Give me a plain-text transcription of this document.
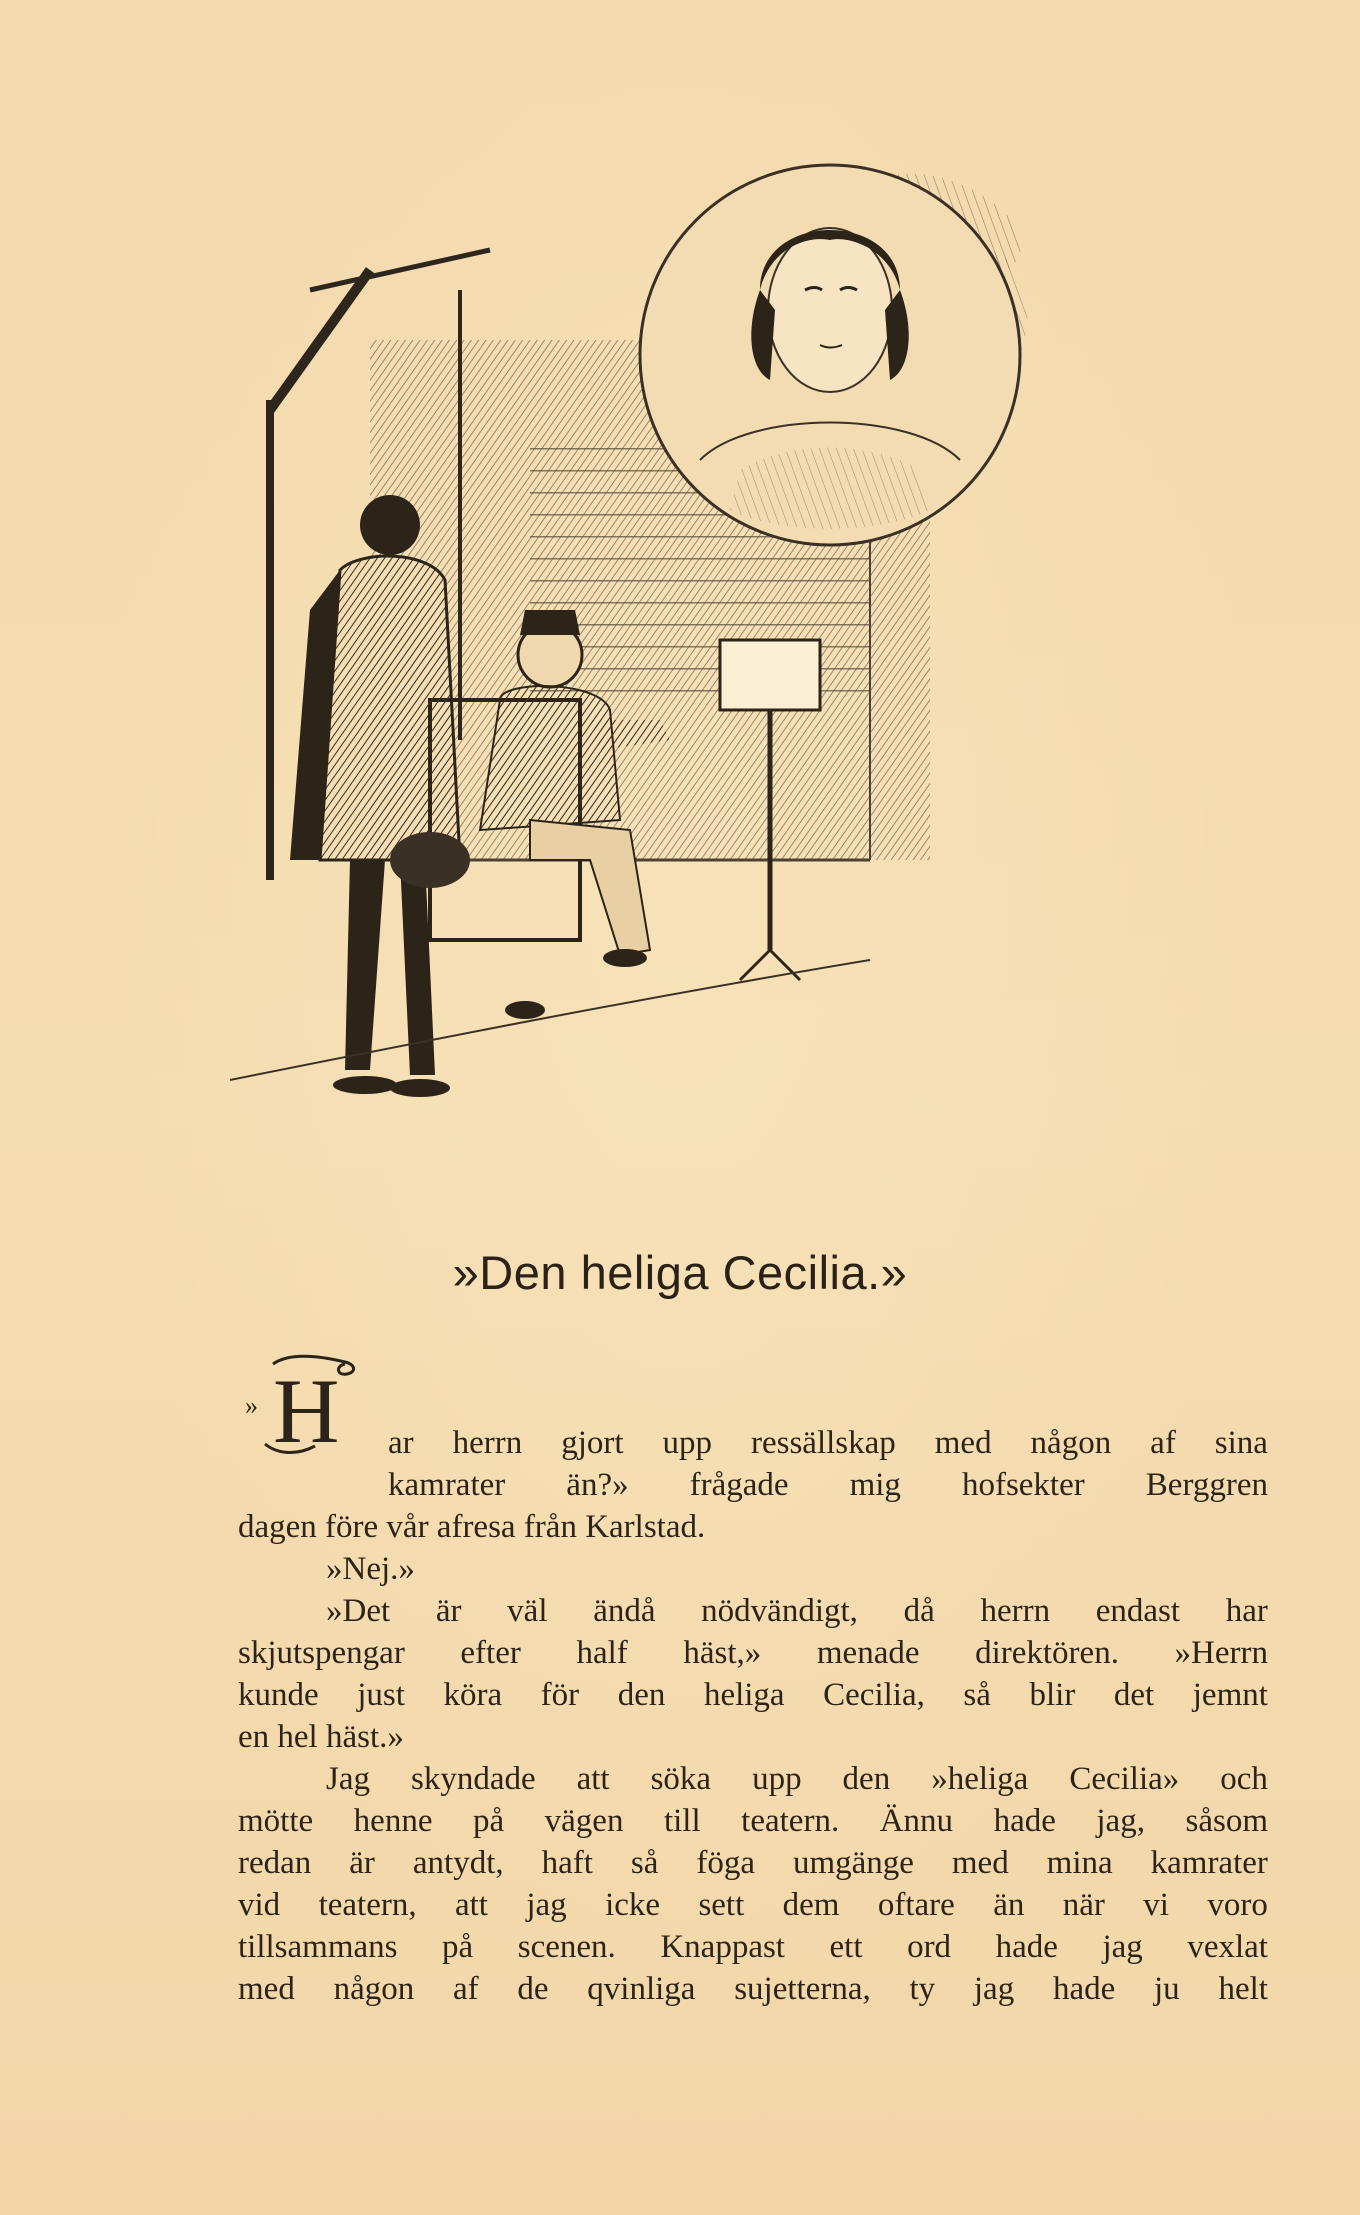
»Den heliga Cecilia.»
» H ar herrn gjort upp ressällskap med någon af sina
kamrater än?» frågade mig hofsekter Berggren
dagen före vår afresa från Karlstad.
»Nej.»
»Det är väl ändå nödvändigt, då herrn endast har
skjutspengar efter half häst,» menade direktören. »Herrn
kunde just köra för den heliga Cecilia, så blir det jemnt
en hel häst.»
Jag skyndade att söka upp den »heliga Cecilia» och
mötte henne på vägen till teatern. Ännu hade jag, såsom
redan är antydt, haft så föga umgänge med mina kamrater
vid teatern, att jag icke sett dem oftare än när vi voro
tillsammans på scenen. Knappast ett ord hade jag vexlat
med någon af de qvinliga sujetterna, ty jag hade ju helt
